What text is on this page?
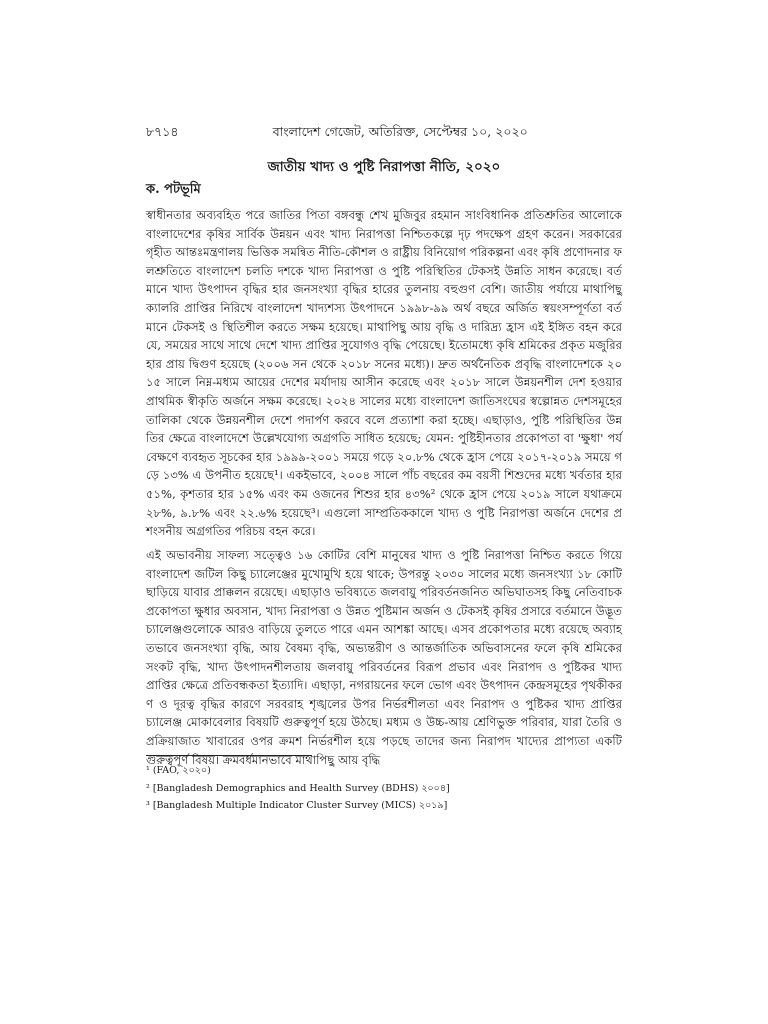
৮৭১৪	বাংলাদেশ গেজেট, অতিরিক্ত, সেপ্টেম্বর ১০, ২০২০
জাতীয় খাদ্য ও পুষ্টি নিরাপত্তা নীতি, ২০২০
ক. পটভূমি

স্বাধীনতার অব্যবহিত পরে জাতির পিতা বঙ্গবন্ধু শেখ মুজিবুর রহমান সাংবিধানিক প্রতিশ্রুতির আলোকে বাংলাদেশের কৃষির সার্বিক উন্নয়ন এবং খাদ্য নিরাপত্তা নিশ্চিতকল্পে দৃঢ় পদক্ষেপ গ্রহণ করেন। সরকারের গৃহীত আন্তঃমন্ত্রণালয় ভিত্তিক সমন্বিত নীতি-কৌশল ও রাষ্ট্রীয় বিনিয়োগ পরিকল্পনা এবং কৃষি প্রণোদনার ফলশ্রুতিতে বাংলাদেশ চলতি দশকে খাদ্য নিরাপত্তা ও পুষ্টি পরিস্থিতির টেকসই উন্নতি সাধন করেছে। বর্তমানে খাদ্য উৎপাদন বৃদ্ধির হার জনসংখ্যা বৃদ্ধির হারের তুলনায় বহুগুণ বেশি। জাতীয় পর্যায়ে মাথাপিছু ক্যালরি প্রাপ্তির নিরিখে বাংলাদেশ খাদ্যশস্য উৎপাদনে ১৯৯৮-৯৯ অর্থ বছরে অর্জিত স্বয়ংসম্পূর্ণতা বর্তমানে টেকসই ও স্থিতিশীল করতে সক্ষম হয়েছে। মাথাপিছু আয় বৃদ্ধি ও দারিদ্র্য হ্রাস এই ইঙ্গিত বহন করে যে, সময়ের সাথে সাথে দেশে খাদ্য প্রাপ্তির সুযোগও বৃদ্ধি পেয়েছে। ইতোমধ্যে কৃষি শ্রমিকের প্রকৃত মজুরির হার প্রায় দ্বিগুণ হয়েছে (২০০৬ সন থেকে ২০১৮ সনের মধ্যে)। দ্রুত অর্থনৈতিক প্রবৃদ্ধি বাংলাদেশকে ২০১৫ সালে নিম্ন-মধ্যম আয়ের দেশের মর্যাদায় আসীন করেছে এবং ২০১৮ সালে উন্নয়নশীল দেশ হওয়ার প্রাথমিক স্বীকৃতি অর্জনে সক্ষম করেছে। ২০২৪ সালের মধ্যে বাংলাদেশ জাতিসংঘের স্বল্পোন্নত দেশসমূহের তালিকা থেকে উন্নয়নশীল দেশে পদার্পণ করবে বলে প্রত্যাশা করা হচ্ছে। এছাড়াও, পুষ্টি পরিস্থিতির উন্নতির ক্ষেত্রে বাংলাদেশে উল্লেখযোগ্য অগ্রগতি সাধিত হয়েছে; যেমন: পুষ্টিহীনতার প্রকোপতা বা 'ক্ষুধা' পর্যবেক্ষণে ব্যবহৃত সূচকের হার ১৯৯৯-২০০১ সময়ে গড়ে ২০.৮% থেকে হ্রাস পেয়ে ২০১৭-২০১৯ সময়ে গড়ে ১৩% এ উপনীত হয়েছে¹। একইভাবে, ২০০৪ সালে পাঁচ বছরের কম বয়সী শিশুদের মধ্যে খর্বতার হার ৫১%, কৃশতার হার ১৫% এবং কম ওজনের শিশুর হার ৪৩%² থেকে হ্রাস পেয়ে ২০১৯ সালে যথাক্রমে ২৮%, ৯.৮% এবং ২২.৬% হয়েছে³। এগুলো সাম্প্রতিককালে খাদ্য ও পুষ্টি নিরাপত্তা অর্জনে দেশের প্রশংসনীয় অগ্রগতির পরিচয় বহন করে।

এই অভাবনীয় সাফল্য সত্ত্বেও ১৬ কোটির বেশি মানুষের খাদ্য ও পুষ্টি নিরাপত্তা নিশ্চিত করতে গিয়ে বাংলাদেশ জটিল কিছু চ্যালেঞ্জের মুখোমুখি হয়ে থাকে; উপরন্তু ২০৩০ সালের মধ্যে জনসংখ্যা ১৮ কোটি ছাড়িয়ে যাবার প্রাক্কলন রয়েছে। এছাড়াও ভবিষ্যতে জলবায়ু পরিবর্তনজনিত অভিঘাতসহ কিছু নেতিবাচক প্রকোপতা ক্ষুধার অবসান, খাদ্য নিরাপত্তা ও উন্নত পুষ্টিমান অর্জন ও টেকসই কৃষির প্রসারে বর্তমানে উদ্ভূত চ্যালেঞ্জগুলোকে আরও বাড়িয়ে তুলতে পারে এমন আশঙ্কা আছে। এসব প্রকোপতার মধ্যে রয়েছে অব্যাহতভাবে জনসংখ্যা বৃদ্ধি, আয় বৈষম্য বৃদ্ধি, অভ্যন্তরীণ ও আন্তর্জাতিক অভিবাসনের ফলে কৃষি শ্রমিকের সংকট বৃদ্ধি, খাদ্য উৎপাদনশীলতায় জলবায়ু পরিবর্তনের বিরূপ প্রভাব এবং নিরাপদ ও পুষ্টিকর খাদ্য প্রাপ্তির ক্ষেত্রে প্রতিবন্ধকতা ইত্যাদি। এছাড়া, নগরায়নের ফলে ভোগ এবং উৎপাদন কেন্দ্রসমূহের পৃথকীকরণ ও দূরত্ব বৃদ্ধির কারণে সরবরাহ শৃঙ্খলের উপর নির্ভরশীলতা এবং নিরাপদ ও পুষ্টিকর খাদ্য প্রাপ্তির চ্যালেঞ্জ মোকাবেলার বিষয়টি গুরুত্বপূর্ণ হয়ে উঠছে। মধ্যম ও উচ্চ-আয় শ্রেণিভুক্ত পরিবার, যারা তৈরি ও প্রক্রিয়াজাত খাবারের ওপর ক্রমশ নির্ভরশীল হয়ে পড়ছে তাদের জন্য নিরাপদ খাদ্যের প্রাপ্যতা একটি গুরুত্বপূর্ণ বিষয়। ক্রমবর্ধমানভাবে মাথাপিছু আয় বৃদ্ধি

¹ (FAO, ২০২০)
² [Bangladesh Demographics and Health Survey (BDHS) ২০০৪]
³ [Bangladesh Multiple Indicator Cluster Survey (MICS) ২০১৯]
